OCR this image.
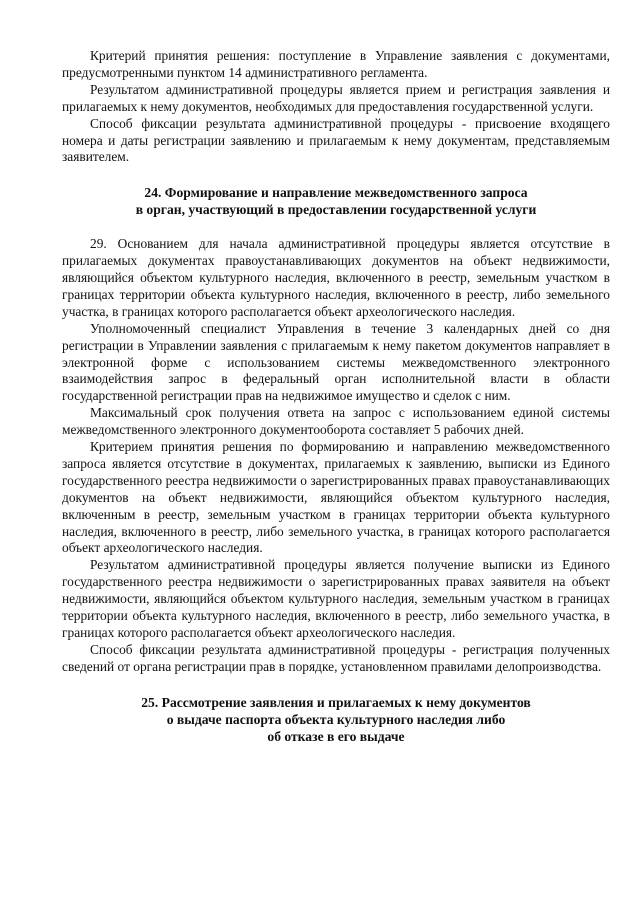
Критерий принятия решения: поступление в Управление заявления с документами, предусмотренными пунктом 14 административного регламента.

Результатом административной процедуры является прием и регистрация заявления и прилагаемых к нему документов, необходимых для предоставления государственной услуги.

Способ фиксации результата административной процедуры - присвоение входящего номера и даты регистрации заявлению и прилагаемым к нему документам, представляемым заявителем.

24. Формирование и направление межведомственного запроса
в орган, участвующий в предоставлении государственной услуги

29. Основанием для начала административной процедуры является отсутствие в прилагаемых документах правоустанавливающих документов на объект недвижимости, являющийся объектом культурного наследия, включенного в реестр, земельным участком в границах территории объекта культурного наследия, включенного в реестр, либо земельного участка, в границах которого располагается объект археологического наследия.

Уполномоченный специалист Управления в течение 3 календарных дней со дня регистрации в Управлении заявления с прилагаемым к нему пакетом документов направляет в электронной форме с использованием системы межведомственного электронного взаимодействия запрос в федеральный орган исполнительной власти в области государственной регистрации прав на недвижимое имущество и сделок с ним.

Максимальный срок получения ответа на запрос с использованием единой системы межведомственного электронного документооборота составляет 5 рабочих дней.

Критерием принятия решения по формированию и направлению межведомственного запроса является отсутствие в документах, прилагаемых к заявлению, выписки из Единого государственного реестра недвижимости о зарегистрированных правах правоустанавливающих документов на объект недвижимости, являющийся объектом культурного наследия, включенным в реестр, земельным участком в границах территории объекта культурного наследия, включенного в реестр, либо земельного участка, в границах которого располагается объект археологического наследия.

Результатом административной процедуры является получение выписки из Единого государственного реестра недвижимости о зарегистрированных правах заявителя на объект недвижимости, являющийся объектом культурного наследия, земельным участком в границах территории объекта культурного наследия, включенного в реестр, либо земельного участка, в границах которого располагается объект археологического наследия.

Способ фиксации результата административной процедуры - регистрация полученных сведений от органа регистрации прав в порядке, установленном правилами делопроизводства.

25. Рассмотрение заявления и прилагаемых к нему документов
о выдаче паспорта объекта культурного наследия либо
об отказе в его выдаче
